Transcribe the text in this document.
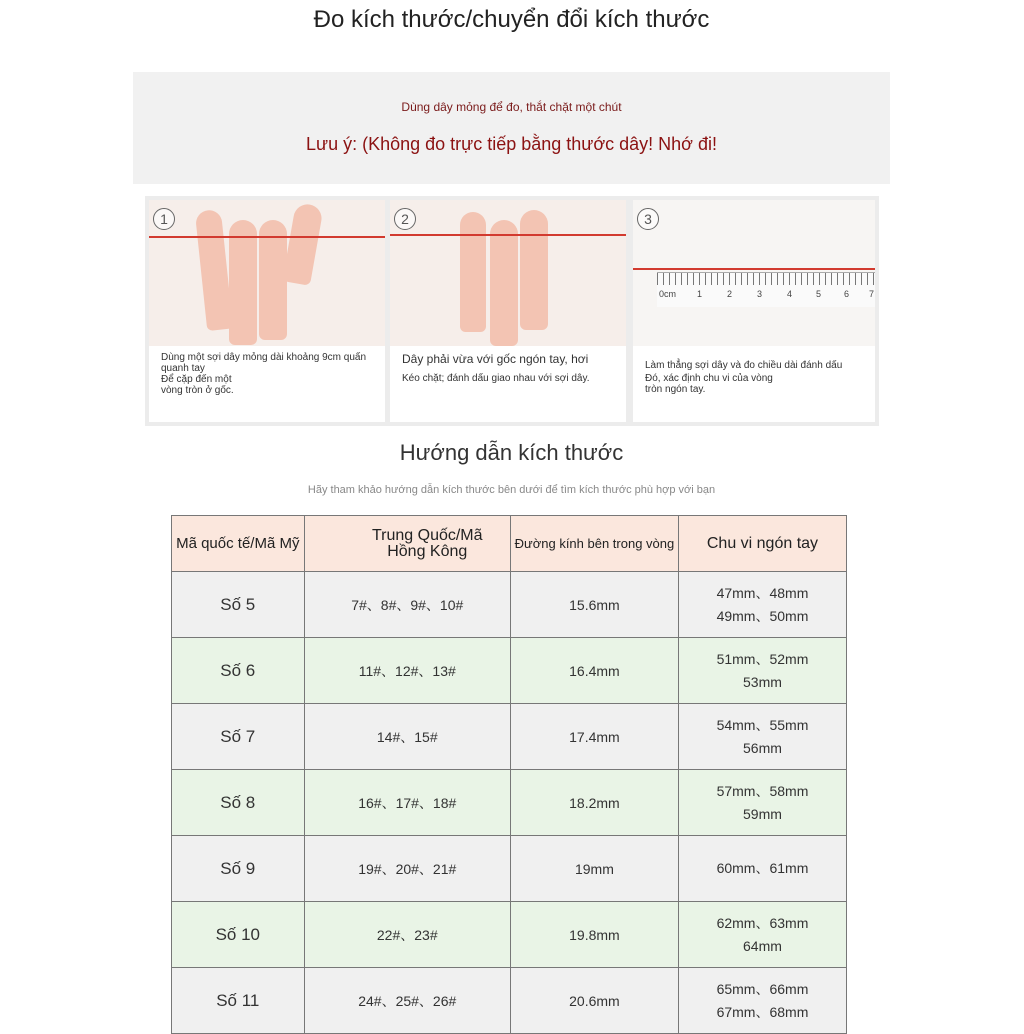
Đo kích thước/chuyển đổi kích thước
Dùng dây mỏng để đo, thắt chặt một chút
Lưu ý: (Không đo trực tiếp bằng thước dây! Nhớ đi!
1

Dùng một sợi dây mỏng dài khoảng 9cm quấn

quanh tay

Để cặp đến một

vòng tròn ở gốc.

2

Dây phải vừa với gốc ngón tay, hơi

Kéo chặt; đánh dấu giao nhau với sợi dây.

0cm 1	2	3	4	5	6 7
3

Làm thẳng sợi dây và đo chiều dài đánh dấu

Đó, xác định chu vi của vòng

tròn ngón tay.

Hướng dẫn kích thước
Hãy tham khảo hướng dẫn kích thước bên dưới để tìm kích thước phù hợp với bạn
Mã quốc tế/Mã Mỹ	Trung Quốc/Mã
Hồng Kông	Đường kính bên trong vòng	Chu vi ngón tay
Số 5	7#、8#、9#、10#	15.6mm	47mm、48mm
49mm、50mm

Số 6	11#、12#、13#	16.4mm	51mm、52mm
53mm

Số 7	14#、15#	17.4mm	54mm、55mm
56mm

Số 8	16#、17#、18#	18.2mm	57mm、58mm
59mm

Số 9	19#、20#、21#	19mm	60mm、61mm

Số 10	22#、23#	19.8mm	62mm、63mm
64mm

Số 11	24#、25#、26#	20.6mm	65mm、66mm
67mm、68mm
